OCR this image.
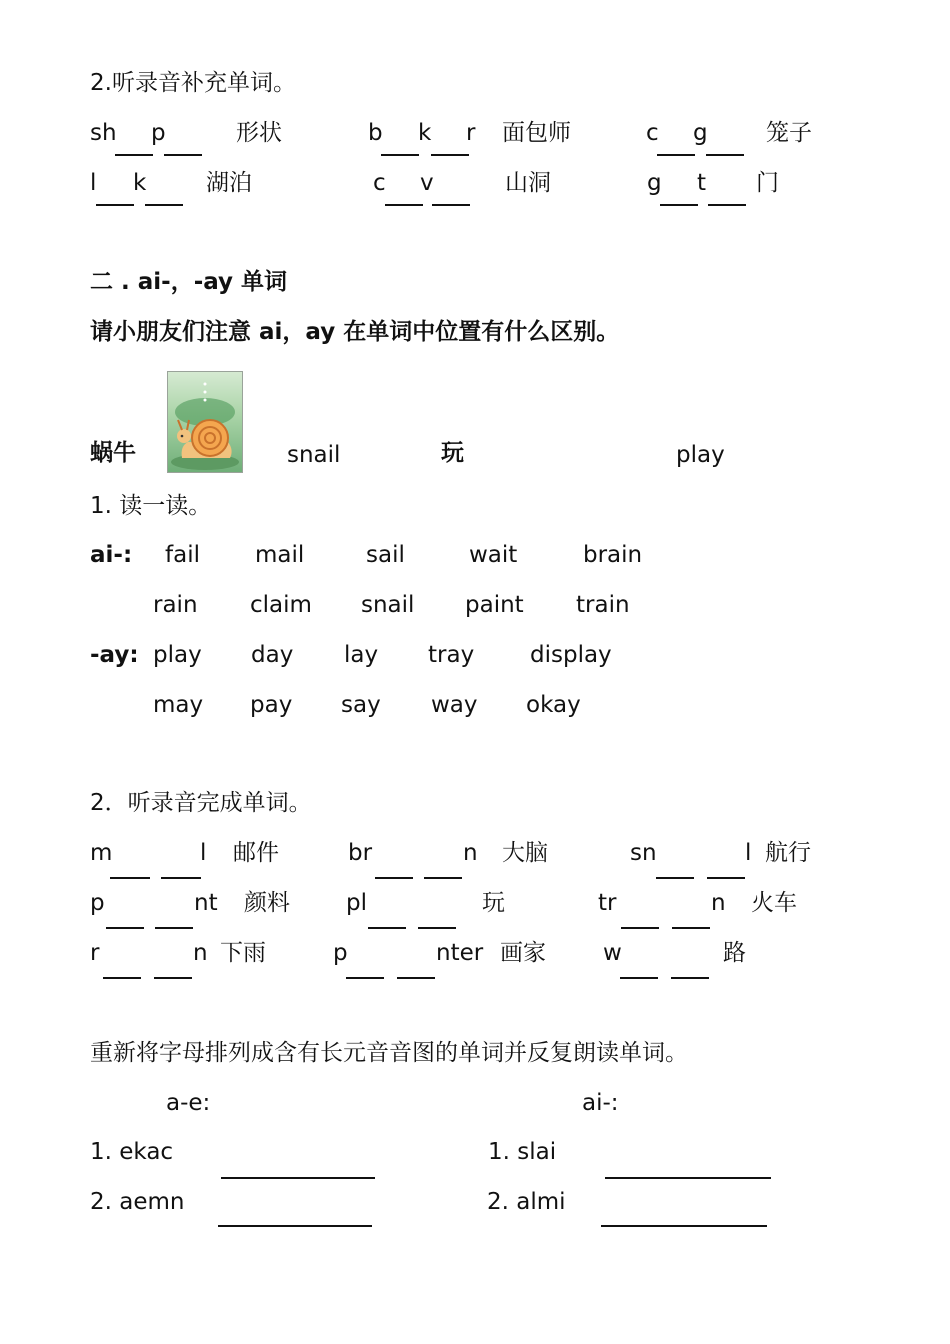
2.听录音补充单词。
sh p	形状	b k r 面包师	c g	笼子
l k	湖泊	c v	山洞	g t 门
二 . ai-，-ay 单词
请小朋友们注意 ai，ay 在单词中位置有什么区别。
蜗牛	snail	玩	play
1. 读一读。
ai-: fail mail	sail	wait	brain
rain claim snail paint train
-ay: play day lay tray display
may pay say way okay
2．听录音完成单词。
m	l 邮件	br	n 大脑	sn	l 航行
p	nt 颜料 pl	玩	tr	n 火车
r	n 下雨	p	nter 画家 w	路
重新将字母排列成含有长元音音图的单词并反复朗读单词。
a-e:	ai-:
1. ekac	1. slai
2. aemn	2. almi
